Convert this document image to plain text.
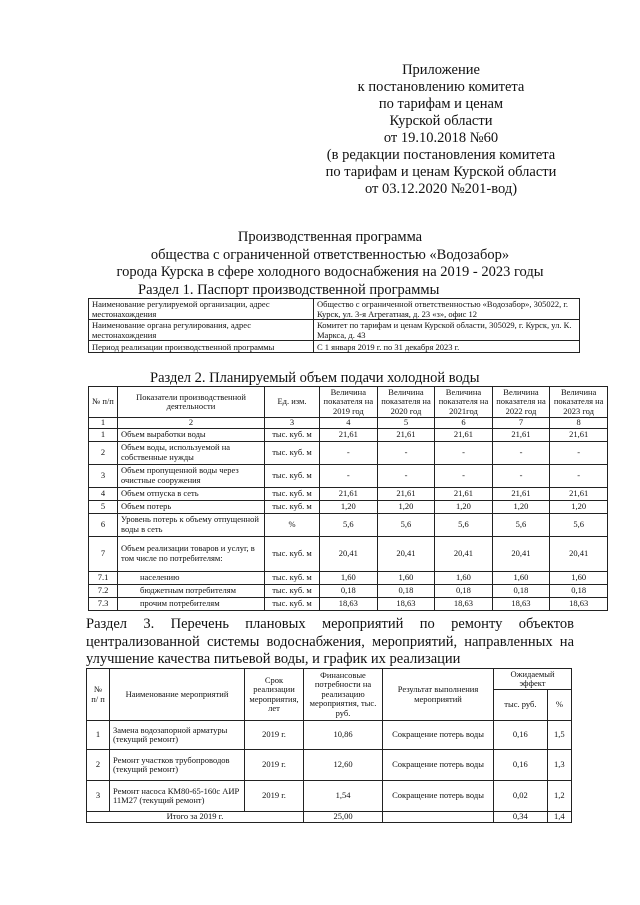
Приложение
к постановлению комитета
по тарифам и ценам
Курской области
от 19.10.2018 №60
(в редакции постановления комитета
по тарифам и ценам Курской области
от 03.12.2020 №201-вод)
Производственная программа
общества с ограниченной ответственностью «Водозабор»
города Курска в сфере холодного водоснабжения на 2019 - 2023 годы
Раздел 1. Паспорт производственной программы
Наименование регулируемой организации, адрес местонахождения	Общество с ограниченной ответственностью «Водозабор», 305022, г. Курск, ул. 3-я Агрегатная, д. 23 «з», офис 12
Наименование органа регулирования, адрес местонахождения	Комитет по тарифам и ценам Курской области, 305029, г. Курск, ул. К. Маркса, д. 43
Период реализации производственной программы	С 1 января 2019 г. по 31 декабря 2023 г.
Раздел 2. Планируемый объем подачи холодной воды
№ п/п	Показатели производственной деятельности	Ед. изм.	Величина показателя на 2019 год	Величина показателя на 2020 год	Величина показателя на 2021год	Величина показателя на 2022 год	Величина показателя на 2023 год
1	2	3	4	5	6	7	8
1	Объем выработки воды	тыс. куб. м	21,61	21,61	21,61	21,61	21,61
2	Объем воды, используемой на собственные нужды	тыс. куб. м	-	-	-	-	-
3	Объем пропущенной воды через очистные сооружения	тыс. куб. м	-	-	-	-	-
4	Объем отпуска в сеть	тыс. куб. м	21,61	21,61	21,61	21,61	21,61
5	Объем потерь	тыс. куб. м	1,20	1,20	1,20	1,20	1,20
6	Уровень потерь к объему отпущенной воды в сеть	%	5,6	5,6	5,6	5,6	5,6
7	Объем реализации товаров и услуг, в том числе по потребителям:	тыс. куб. м	20,41	20,41	20,41	20,41	20,41
7.1	населению	тыс. куб. м	1,60	1,60	1,60	1,60	1,60
7.2	бюджетным потребителям	тыс. куб. м	0,18	0,18	0,18	0,18	0,18
7.3	прочим потребителям	тыс. куб. м	18,63	18,63	18,63	18,63	18,63
Раздел 3. Перечень плановых мероприятий по ремонту объектов централизованной системы водоснабжения, мероприятий, направленных на улучшение качества питьевой воды, и график их реализации
№ п/ п	Наименование мероприятий	Срок реализации мероприятия, лет	Финансовые потребности на реализацию мероприятия, тыс. руб.	Результат выполнения мероприятий	Ожидаемый эффект	
					тыс. руб.	%
1	Замена водозапорной арматуры (текущий ремонт)	2019 г.	10,86	Сокращение потерь воды	0,16	1,5
2	Ремонт участков трубопроводов (текущий ремонт)	2019 г.	12,60	Сокращение потерь воды	0,16	1,3
3	Ремонт насоса КМ80-65-160с АИР 11М27 (текущий ремонт)	2019 г.	1,54	Сокращение потерь воды	0,02	1,2
Итого за 2019 г.			25,00		0,34	1,4
